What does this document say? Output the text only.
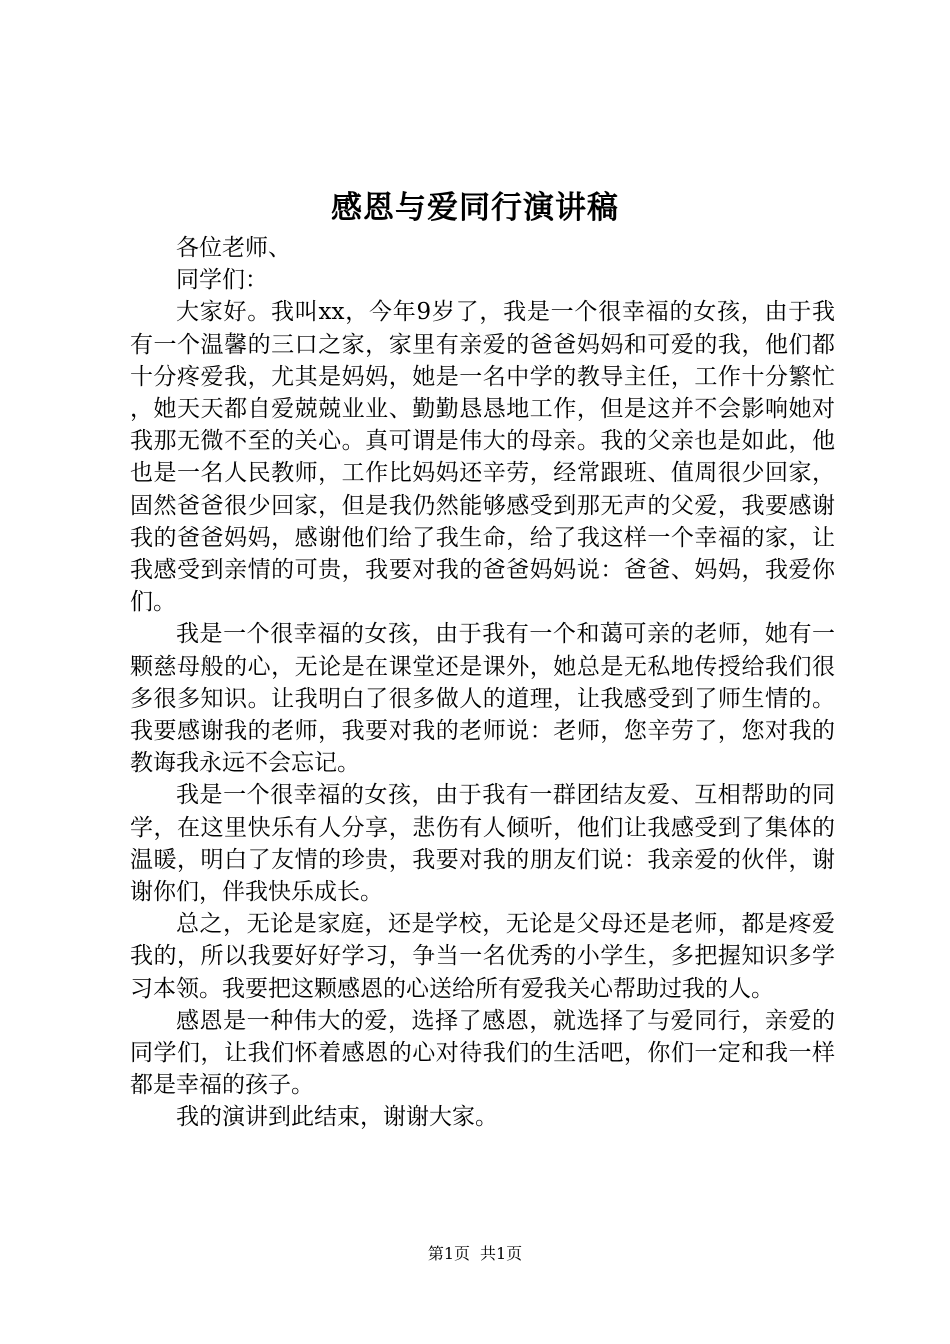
感恩与爱同行演讲稿

各位老师、

同学们：

大家好。我叫xx，今年9岁了，我是一个很幸福的女孩，由于我有一个温馨的三口之家，家里有亲爱的爸爸妈妈和可爱的我，他们都十分疼爱我，尤其是妈妈，她是一名中学的教导主任，工作十分繁忙，她天天都自爱兢兢业业、勤勤恳恳地工作，但是这并不会影响她对我那无微不至的关心。真可谓是伟大的母亲。我的父亲也是如此，他也是一名人民教师，工作比妈妈还辛劳，经常跟班、值周很少回家，固然爸爸很少回家，但是我仍然能够感受到那无声的父爱，我要感谢我的爸爸妈妈，感谢他们给了我生命，给了我这样一个幸福的家，让我感受到亲情的可贵，我要对我的爸爸妈妈说：爸爸、妈妈，我爱你们。

我是一个很幸福的女孩，由于我有一个和蔼可亲的老师，她有一颗慈母般的心，无论是在课堂还是课外，她总是无私地传授给我们很多很多知识。让我明白了很多做人的道理，让我感受到了师生情的。我要感谢我的老师，我要对我的老师说：老师，您辛劳了，您对我的教诲我永远不会忘记。

我是一个很幸福的女孩，由于我有一群团结友爱、互相帮助的同学，在这里快乐有人分享，悲伤有人倾听，他们让我感受到了集体的温暖，明白了友情的珍贵，我要对我的朋友们说：我亲爱的伙伴，谢谢你们，伴我快乐成长。

总之，无论是家庭，还是学校，无论是父母还是老师，都是疼爱我的，所以我要好好学习，争当一名优秀的小学生，多把握知识多学习本领。我要把这颗感恩的心送给所有爱我关心帮助过我的人。

感恩是一种伟大的爱，选择了感恩，就选择了与爱同行，亲爱的同学们，让我们怀着感恩的心对待我们的生活吧，你们一定和我一样都是幸福的孩子。

我的演讲到此结束，谢谢大家。

第1页 共1页
